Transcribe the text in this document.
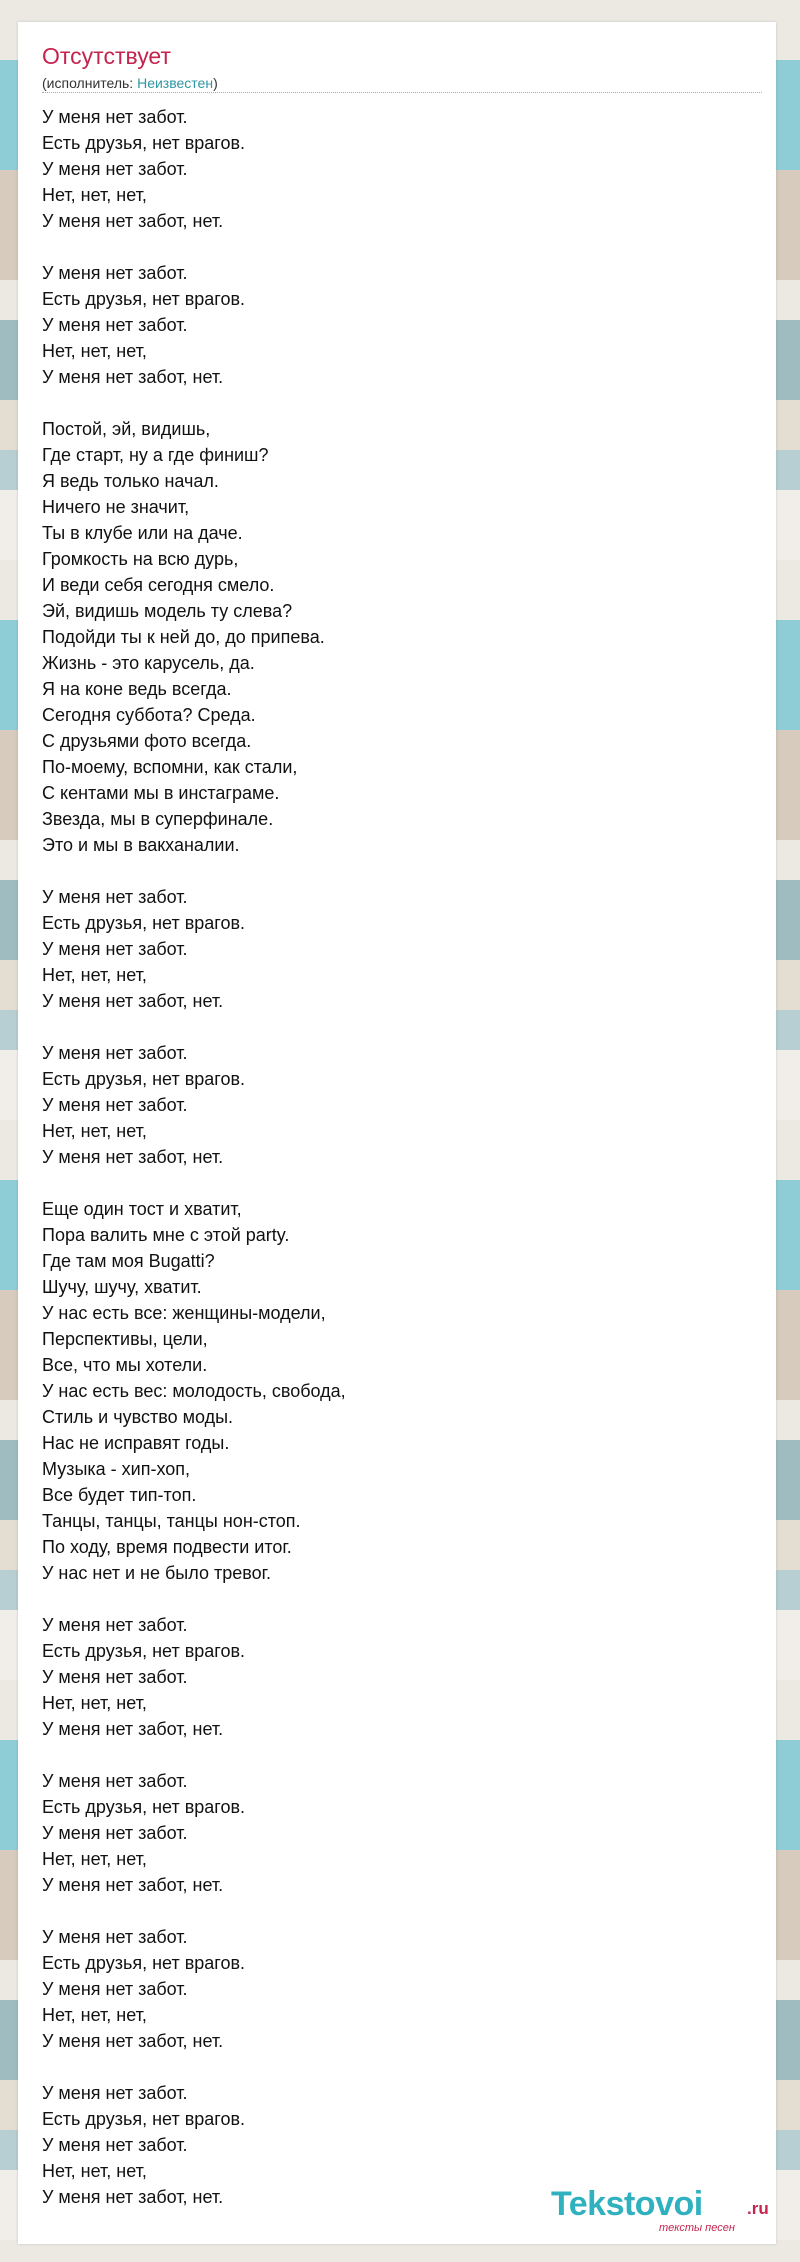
Отсутствует
(исполнитель: Неизвестен)
У меня нет забот.
Есть друзья, нет врагов.
У меня нет забот.
Нет, нет, нет,
У меня нет забот, нет.
У меня нет забот.
Есть друзья, нет врагов.
У меня нет забот.
Нет, нет, нет,
У меня нет забот, нет.
Постой, эй, видишь,
Где старт, ну а где финиш?
Я ведь только начал.
Ничего не значит,
Ты в клубе или на даче.
Громкость на всю дурь,
И веди себя сегодня смело.
Эй, видишь модель ту слева?
Подойди ты к ней до, до припева.
Жизнь - это карусель, да.
Я на коне ведь всегда.
Сегодня суббота? Среда.
С друзьями фото всегда.
По-моему, вспомни, как стали,
С кентами мы в инстаграме.
Звезда, мы в суперфинале.
Это и мы в вакханалии.
У меня нет забот.
Есть друзья, нет врагов.
У меня нет забот.
Нет, нет, нет,
У меня нет забот, нет.
У меня нет забот.
Есть друзья, нет врагов.
У меня нет забот.
Нет, нет, нет,
У меня нет забот, нет.
Еще один тост и хватит,
Пора валить мне с этой party.
Где там моя Bugatti?
Шучу, шучу, хватит.
У нас есть все: женщины-модели,
Перспективы, цели,
Все, что мы хотели.
У нас есть вес: молодость, свобода,
Стиль и чувство моды.
Нас не исправят годы.
Музыка - хип-хоп,
Все будет тип-топ.
Танцы, танцы, танцы нон-стоп.
По ходу, время подвести итог.
У нас нет и не было тревог.
У меня нет забот.
Есть друзья, нет врагов.
У меня нет забот.
Нет, нет, нет,
У меня нет забот, нет.
У меня нет забот.
Есть друзья, нет врагов.
У меня нет забот.
Нет, нет, нет,
У меня нет забот, нет.
У меня нет забот.
Есть друзья, нет врагов.
У меня нет забот.
Нет, нет, нет,
У меня нет забот, нет.
У меня нет забот.
Есть друзья, нет врагов.
У меня нет забот.
Нет, нет, нет,
У меня нет забот, нет.	Tekstovoi	.ru
тексты песен
